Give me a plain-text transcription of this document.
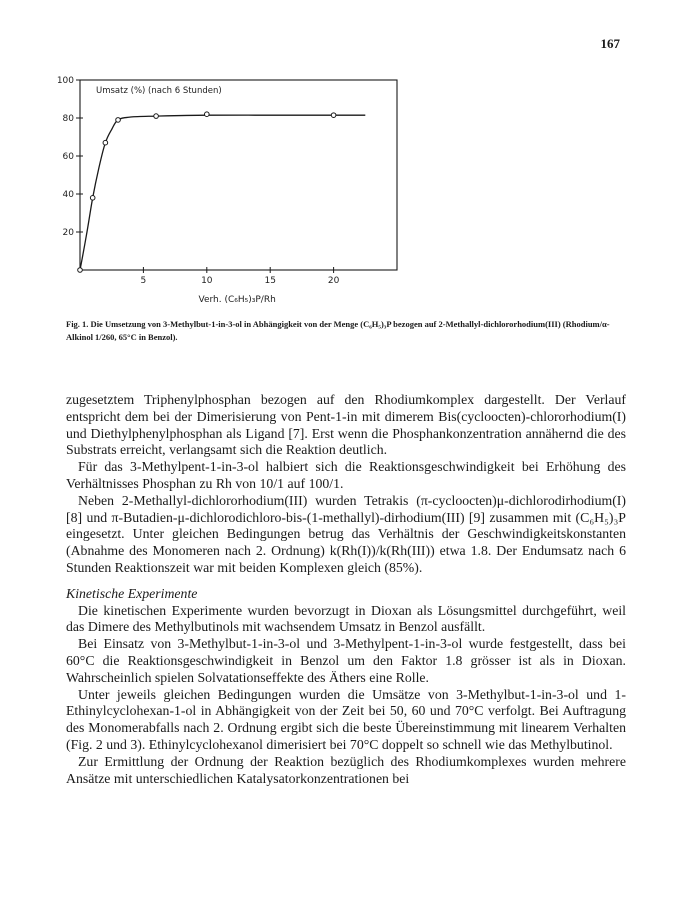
167
20
40
60
80
100
5	10	15	20
Umsatz (%) (nach 6 Stunden)
Verh. (C₆H₅)₃P/Rh
Fig. 1. Die Umsetzung von 3-Methylbut-1-in-3-ol in Abhängigkeit von der Menge (C₆H₅)₃P bezogen auf 2-Methallyl-dichlororhodium(III) (Rhodium/α-Alkinol 1/260, 65°C in Benzol).

zugesetztem Triphenylphosphan bezogen auf den Rhodiumkomplex dargestellt. Der Verlauf entspricht dem bei der Dimerisierung von Pent-1-in mit dimerem Bis(cycloocten)-chlororhodium(I) und Diethylphenylphosphan als Ligand [7]. Erst wenn die Phosphankonzentration annähernd die des Substrats erreicht, verlangsamt sich die Reaktion deutlich.

Für das 3-Methylpent-1-in-3-ol halbiert sich die Reaktionsgeschwindigkeit bei Erhöhung des Verhältnisses Phosphan zu Rh von 10/1 auf 100/1.

Neben 2-Methallyl-dichlororhodium(III) wurden Tetrakis (π-cycloocten)μ-dichlorodirhodium(I) [8] und π-Butadien-μ-dichlorodichloro-bis-(1-methallyl)-dirhodium(III) [9] zusammen mit (C₆H₅)₃P eingesetzt. Unter gleichen Bedingungen betrug das Verhältnis der Geschwindigkeitskonstanten (Abnahme des Monomeren nach 2. Ordnung) k(Rh(I))/k(Rh(III)) etwa 1.8. Der Endumsatz nach 6 Stunden Reaktionszeit war mit beiden Komplexen gleich (85%).

Kinetische Experimente

Die kinetischen Experimente wurden bevorzugt in Dioxan als Lösungsmittel durchgeführt, weil das Dimere des Methylbutinols mit wachsendem Umsatz in Benzol ausfällt.

Bei Einsatz von 3-Methylbut-1-in-3-ol und 3-Methylpent-1-in-3-ol wurde festgestellt, dass bei 60°C die Reaktionsgeschwindigkeit in Benzol um den Faktor 1.8 grösser ist als in Dioxan. Wahrscheinlich spielen Solvatationseffekte des Äthers eine Rolle.

Unter jeweils gleichen Bedingungen wurden die Umsätze von 3-Methylbut-1-in-3-ol und 1-Ethinylcyclohexan-1-ol in Abhängigkeit von der Zeit bei 50, 60 und 70°C verfolgt. Bei Auftragung des Monomerabfalls nach 2. Ordnung ergibt sich die beste Übereinstimmung mit linearem Verhalten (Fig. 2 und 3). Ethinylcyclohexanol dimerisiert bei 70°C doppelt so schnell wie das Methylbutinol.

Zur Ermittlung der Ordnung der Reaktion bezüglich des Rhodiumkomplexes wurden mehrere Ansätze mit unterschiedlichen Katalysatorkonzentrationen bei
